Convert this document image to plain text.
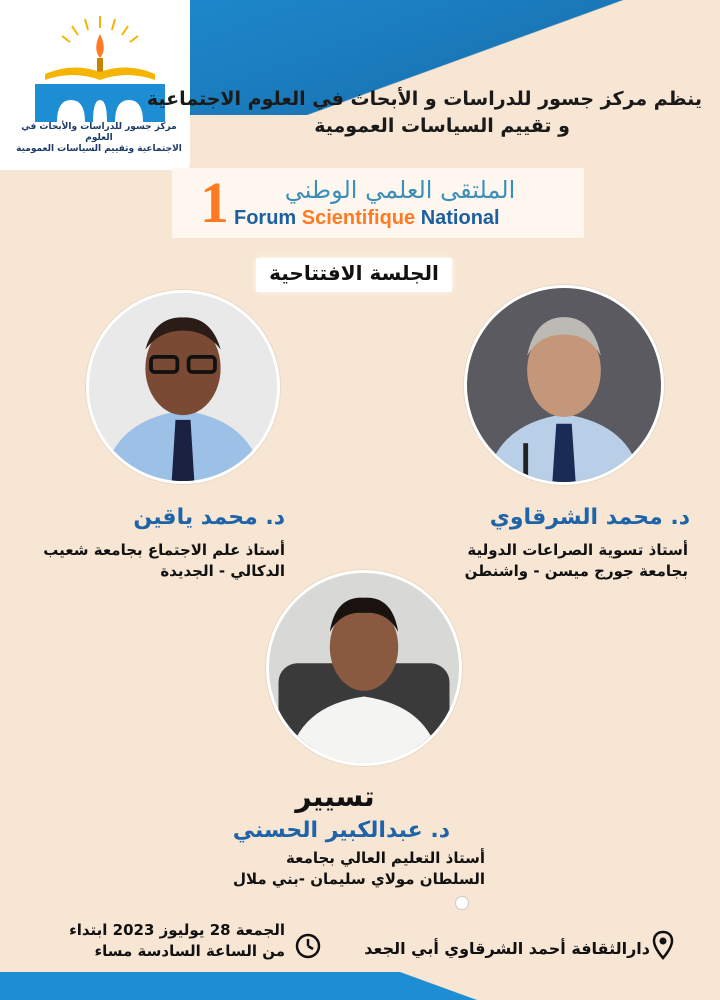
مركز جسور للدراسات والأبحاث في العلوم
الاجتماعية وتقييم السياسات العمومية
ينظم مركز جسور للدراسات و الأبحاث في العلوم الاجتماعية
و تقييم السياسات العمومية
1	الملتقى العلمي الوطني
Forum Scientifique National
الجلسة الافتتاحية
د. محمد الشرقاوي
أستاذ تسوية الصراعات الدولية
بجامعة جورج ميسن - واشنطن
د. محمد ياقين
أستاذ علم الاجتماع بجامعة شعيب
الدكالي - الجديدة
تسيير
د. عبدالكبير الحسني
أستاذ التعليم العالي بجامعة
السلطان مولاي سليمان -بني ملال
الجمعة 28 يوليوز 2023 ابتداء
من الساعة السادسة مساء	دارالثقافة أحمد الشرقاوي أبي الجعد
